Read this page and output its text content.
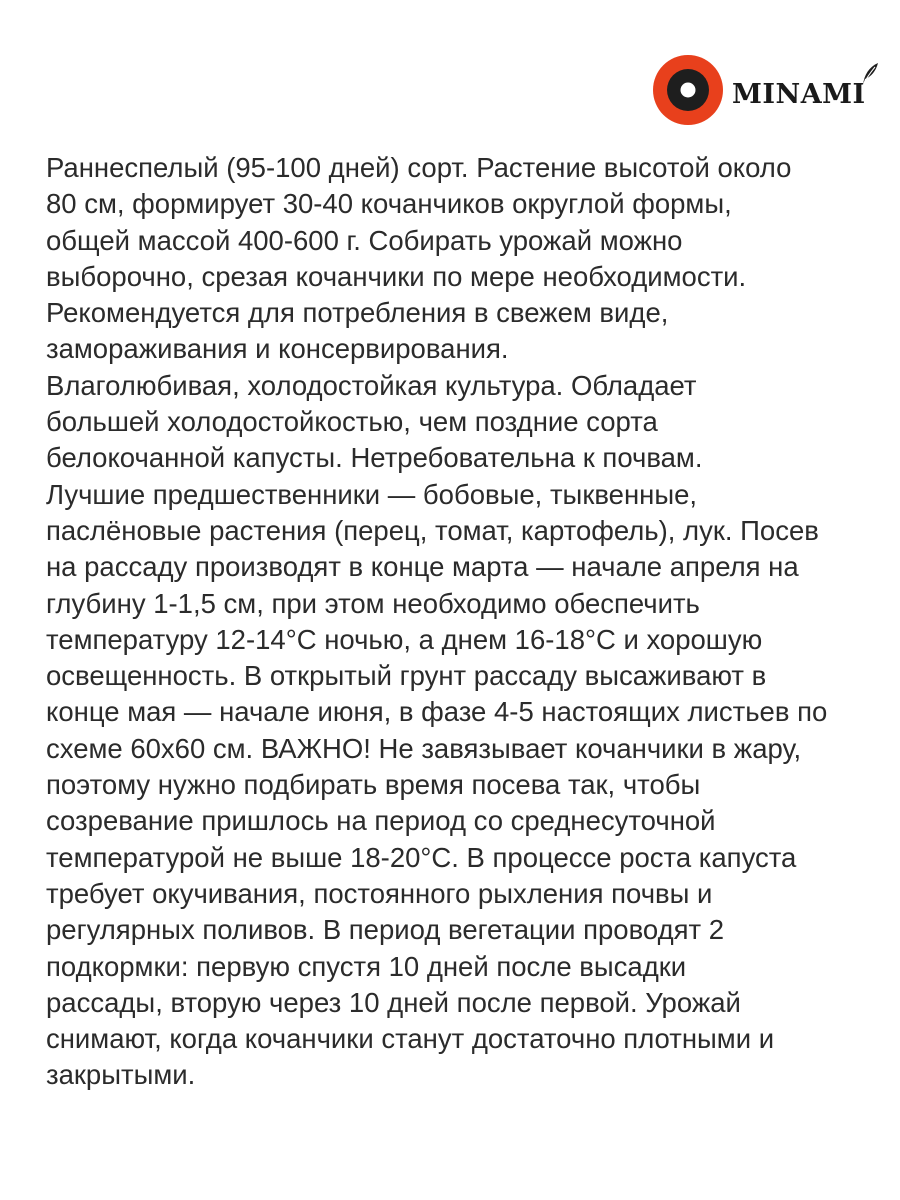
MINAMI

Раннеспелый (95-100 дней) сорт. Растение высотой около
80 см, формирует 30-40 кочанчиков округлой формы,
общей массой 400-600 г. Собирать урожай можно
выборочно, срезая кочанчики по мере необходимости.
Рекомендуется для потребления в свежем виде,
замораживания и консервирования.
Влаголюбивая, холодостойкая культура. Обладает
большей холодостойкостью, чем поздние сорта
белокочанной капусты. Нетребовательна к почвам.
Лучшие предшественники — бобовые, тыквенные,
паслёновые растения (перец, томат, картофель), лук. Посев
на рассаду производят в конце марта — начале апреля на
глубину 1-1,5 см, при этом необходимо обеспечить
температуру 12-14°С ночью, а днем 16-18°С и хорошую
освещенность. В открытый грунт рассаду высаживают в
конце мая — начале июня, в фазе 4-5 настоящих листьев по
схеме 60х60 см. ВАЖНО! Не завязывает кочанчики в жару,
поэтому нужно подбирать время посева так, чтобы
созревание пришлось на период со среднесуточной
температурой не выше 18-20°С. В процессе роста капуста
требует окучивания, постоянного рыхления почвы и
регулярных поливов. В период вегетации проводят 2
подкормки: первую спустя 10 дней после высадки
рассады, вторую через 10 дней после первой. Урожай
снимают, когда кочанчики станут достаточно плотными и
закрытыми.
